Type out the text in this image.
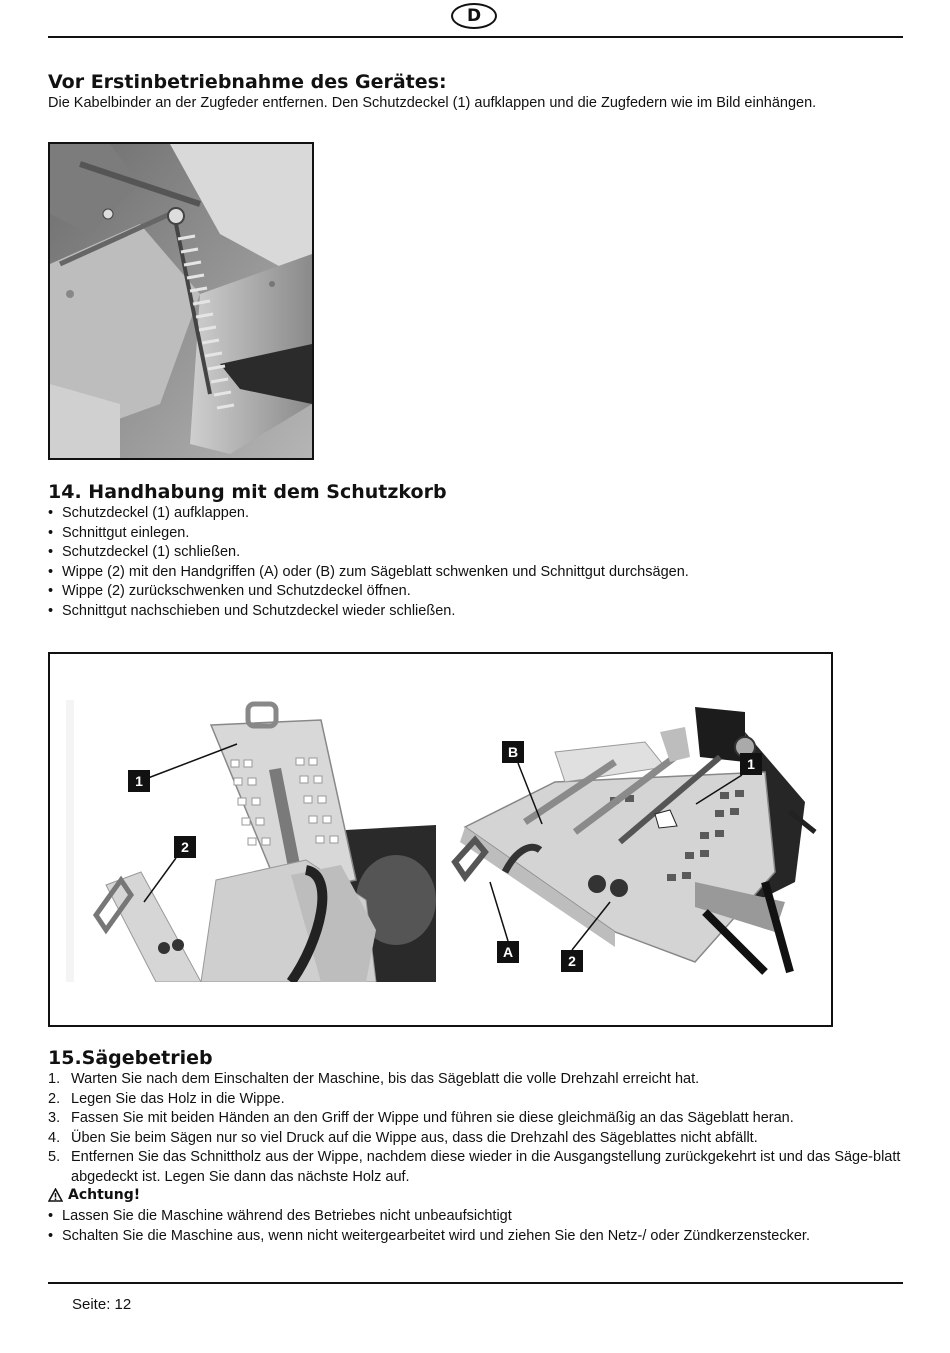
D
Vor Erstinbetriebnahme des Gerätes:
Die Kabelbinder an der Zugfeder entfernen. Den Schutzdeckel (1) aufklappen und die Zugfedern wie im Bild einhängen.
14. Handhabung mit dem Schutzkorb
• Schutzdeckel (1) aufklappen.
• Schnittgut einlegen.
• Schutzdeckel (1) schließen.
• Wippe (2) mit den Handgriffen (A) oder (B) zum Sägeblatt schwenken und Schnittgut durchsägen.
• Wippe (2) zurückschwenken und Schutzdeckel öffnen.
• Schnittgut nachschieben und Schutzdeckel wieder schließen.
1
2
B
1
A
2
15.Sägebetrieb
1. Warten Sie nach dem Einschalten der Maschine, bis das Sägeblatt die volle Drehzahl erreicht hat.
2. Legen Sie das Holz in die Wippe.
3. Fassen Sie mit beiden Händen an den Griff der Wippe und führen sie diese gleichmäßig an das Sägeblatt heran.
4. Üben Sie beim Sägen nur so viel Druck auf die Wippe aus, dass die Drehzahl des Sägeblattes nicht abfällt.
5. Entfernen Sie das Schnittholz aus der Wippe, nachdem diese wieder in die Ausgangstellung zurückgekehrt ist und das Säge-blatt abgedeckt ist. Legen Sie dann das nächste Holz auf.
Achtung!
• Lassen Sie die Maschine während des Betriebes nicht unbeaufsichtigt
• Schalten Sie die Maschine aus, wenn nicht weitergearbeitet wird und ziehen Sie den Netz-/ oder Zündkerzenstecker.
Seite: 12
